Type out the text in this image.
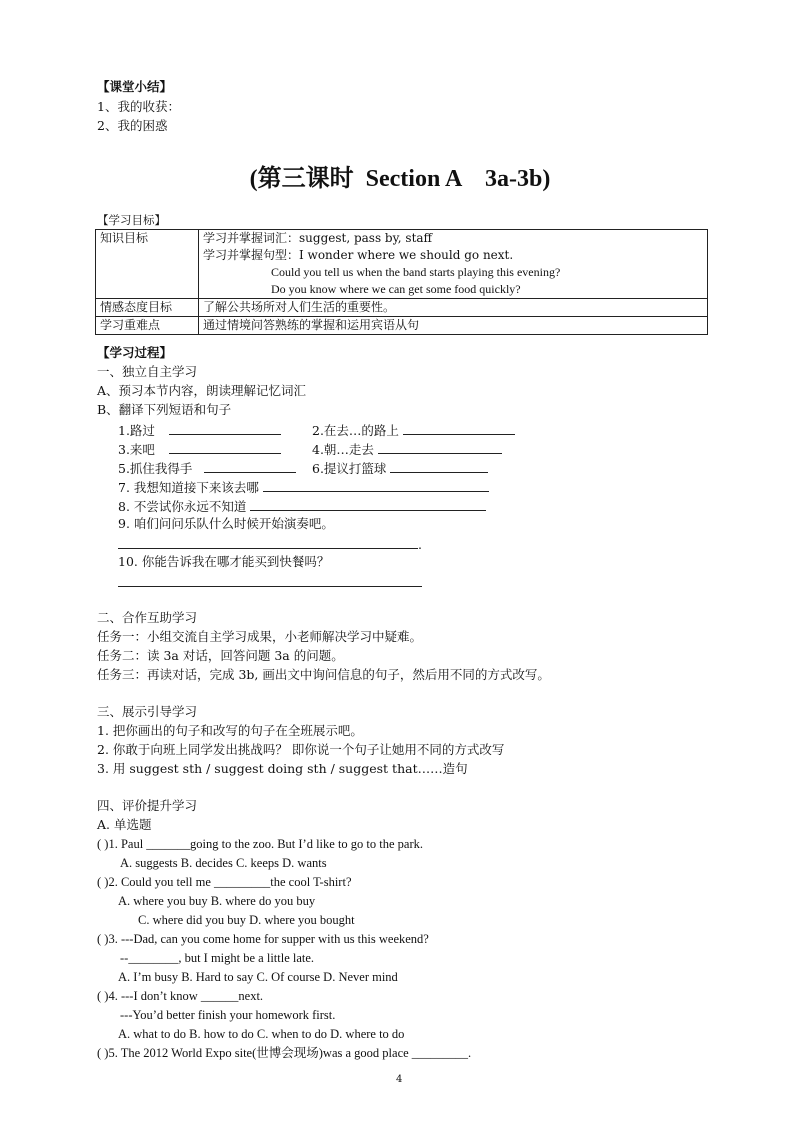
【课堂小结】
1、我的收获：
2、我的困惑
(第三课时  Section A    3a-3b)
【学习目标】
知识目标	学习并掌握词汇：suggest, pass by, staff
学习并掌握句型：I wonder where we should go next.
Could you tell us when the band starts playing this evening?
Do you know where we can get some food quickly?

情感态度目标	了解公共场所对人们生活的重要性。
学习重难点	通过情境问答熟练的掌握和运用宾语从句
【学习过程】
一、独立自主学习
A、预习本节内容，朗读理解记忆词汇
B、翻译下列短语和句子
1.路过	2.在去…的路上
3.来吧	4.朝…走去
5.抓住我得手	6.提议打篮球
7. 我想知道接下来该去哪
8. 不尝试你永远不知道
9. 咱们问问乐队什么时候开始演奏吧。
.
10. 你能告诉我在哪才能买到快餐吗？
二、合作互助学习
任务一：小组交流自主学习成果，小老师解决学习中疑难。
任务二：读 3a 对话，回答问题 3a 的问题。
任务三：再读对话，完成 3b, 画出文中询问信息的句子，然后用不同的方式改写。
三、展示引导学习
1. 把你画出的句子和改写的句子在全班展示吧。
2. 你敢于向班上同学发出挑战吗？ 即你说一个句子让她用不同的方式改写
3. 用 suggest sth / suggest doing sth / suggest that……造句
四、评价提升学习
A. 单选题
( )1. Paul _______going to the zoo. But I’d like to go to the park.
A. suggests B. decides C. keeps D. wants
( )2. Could you tell me _________the cool T-shirt?
A. where you buy B. where do you buy
C. where did you buy D. where you bought
( )3. ---Dad, can you come home for supper with us this weekend?
--________, but I might be a little late.
A. I’m busy B. Hard to say C. Of course D. Never mind
( )4. ---I don’t know ______next.
---You’d better finish your homework first.
A. what to do B. how to do C. when to do D. where to do
( )5. The 2012 World Expo site(世博会现场)was a good place _________.
4
